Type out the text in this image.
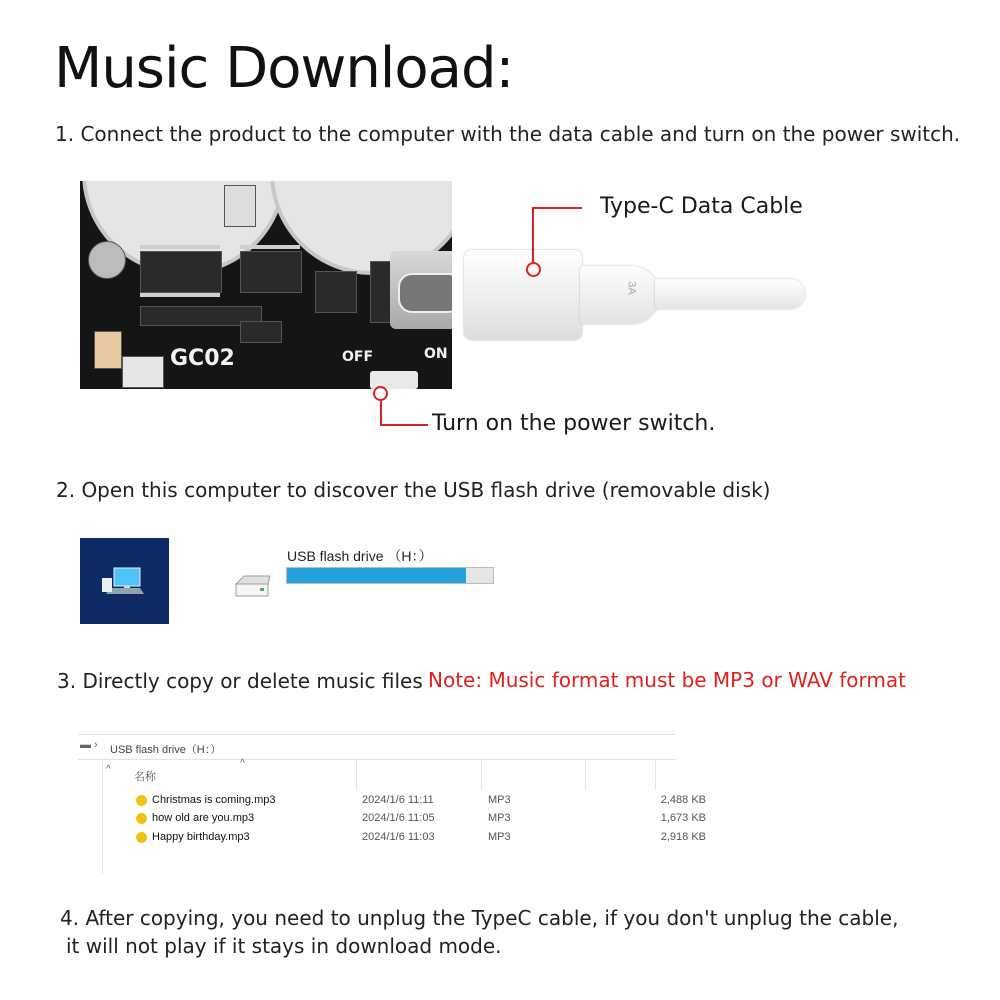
Music Download:
1. Connect the product to the computer with the data cable and turn on the power switch.
GC02	OFF	ON
3A
Type-C Data Cable
Turn on the power switch.
2. Open this computer to discover the USB flash drive (removable disk)
USB flash drive （H：）
3. Directly copy or delete music files Note: Music format must be MP3 or WAV format
▬ › USB flash drive（H：）
^
^
名称
Christmas is coming.mp3	2024/1/6 11:11	MP3	2,488 KB
how old are you.mp3	2024/1/6 11:05	MP3	1,673 KB
Happy birthday.mp3	2024/1/6 11:03	MP3	2,918 KB
4. After copying, you need to unplug the TypeC cable, if you don't unplug the cable,
it will not play if it stays in download mode.
